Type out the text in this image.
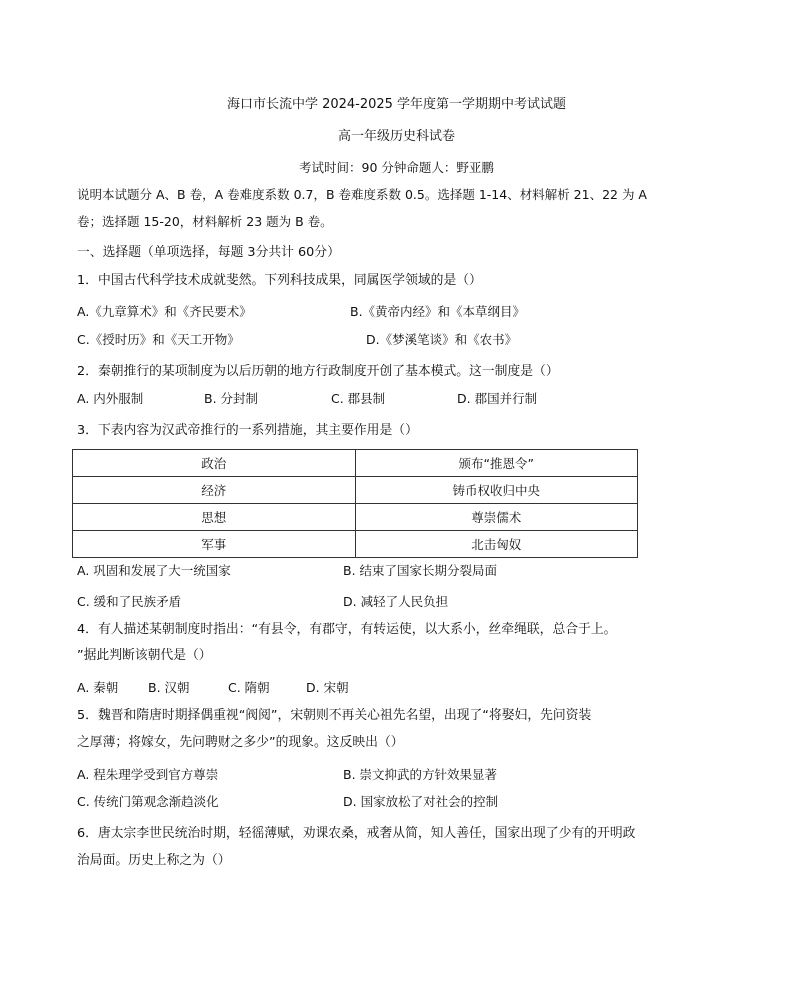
海口市长流中学 2024-2025 学年度第一学期期中考试试题
高一年级历史科试卷
考试时间：90 分钟命题人：野亚鹏
说明本试题分 A、B 卷，A 卷难度系数 0.7，B 卷难度系数 0.5。选择题 1-14、材料解析 21、22 为 A
卷；选择题 15-20，材料解析 23 题为 B 卷。
一、选择题（单项选择，每题 3分共计 60分）
1．中国古代科学技术成就斐然。下列科技成果，同属医学领域的是（）
A.《九章算术》和《齐民要术》	B.《黄帝内经》和《本草纲目》
C.《授时历》和《天工开物》	D.《梦溪笔谈》和《农书》
2．秦朝推行的某项制度为以后历朝的地方行政制度开创了基本模式。这一制度是（）
A. 内外服制	B. 分封制	C. 郡县制	D. 郡国并行制
3．下表内容为汉武帝推行的一系列措施，其主要作用是（）
政治	颁布“推恩令”
经济	铸币权收归中央
思想	尊崇儒术
军事	北击匈奴
A. 巩固和发展了大一统国家	B. 结束了国家长期分裂局面
C. 缓和了民族矛盾	D. 减轻了人民负担
4．有人描述某朝制度时指出：“有县令，有郡守，有转运使，以大系小，丝牵绳联，总合于上。
”据此判断该朝代是（）
A. 秦朝 B. 汉朝	C. 隋朝	D. 宋朝
5．魏晋和隋唐时期择偶重视“阀阅”，宋朝则不再关心祖先名望，出现了“将娶妇，先问资装
之厚薄；将嫁女，先问聘财之多少”的现象。这反映出（）
A. 程朱理学受到官方尊崇	B. 崇文抑武的方针效果显著
C. 传统门第观念渐趋淡化	D. 国家放松了对社会的控制
6．唐太宗李世民统治时期，轻徭薄赋，劝课农桑，戒奢从简，知人善任，国家出现了少有的开明政
治局面。历史上称之为（）
